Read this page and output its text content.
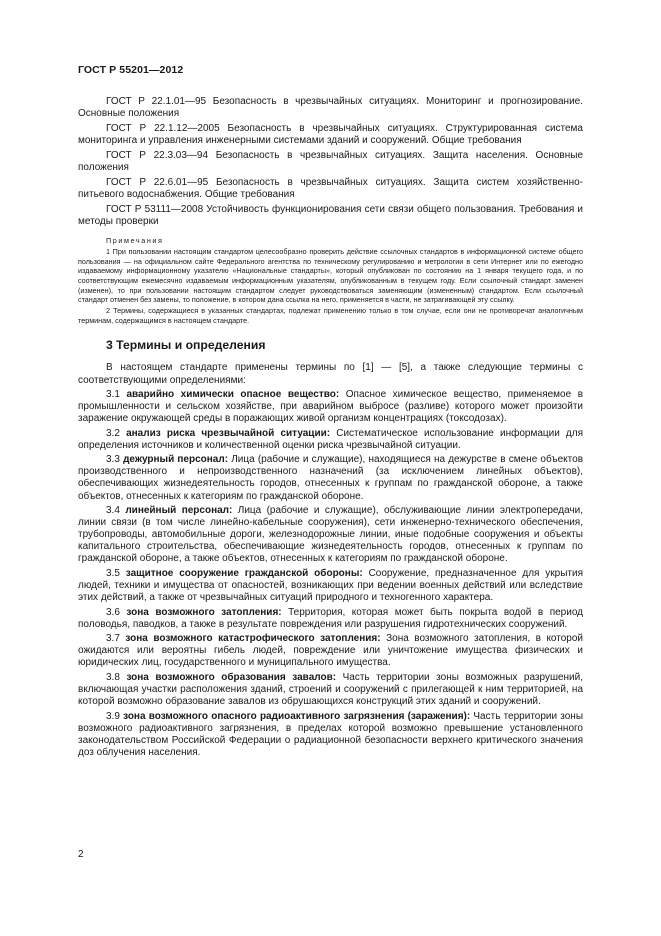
ГОСТ Р 55201—2012

ГОСТ Р 22.1.01—95 Безопасность в чрезвычайных ситуациях. Мониторинг и прогнозирование. Основные положения

ГОСТ Р 22.1.12—2005 Безопасность в чрезвычайных ситуациях. Структурированная система мониторинга и управления инженерными системами зданий и сооружений. Общие требования

ГОСТ Р 22.3.03—94 Безопасность в чрезвычайных ситуациях. Защита населения. Основные положения

ГОСТ Р 22.6.01—95 Безопасность в чрезвычайных ситуациях. Защита систем хозяйственно-питьевого водоснабжения. Общие требования

ГОСТ Р 53111—2008 Устойчивость функционирования сети связи общего пользования. Требования и методы проверки

Примечания

1 При пользовании настоящим стандартом целесообразно проверить действие ссылочных стандартов в информационной системе общего пользования — на официальном сайте Федерального агентства по техническому регулированию и метрологии в сети Интернет или по ежегодно издаваемому информационному указателю «Национальные стандарты», который опубликован по состоянию на 1 января текущего года, и по соответствующим ежемесячно издаваемым информационным указателям, опубликованным в текущем году. Если ссылочный стандарт заменен (изменен), то при пользовании настоящим стандартом следует руководствоваться заменяющим (измененным) стандартом. Если ссылочный стандарт отменен без замены, то положение, в котором дана ссылка на него, применяется в части, не затрагивающей эту ссылку.

2 Термины, содержащиеся в указанных стандартах, подлежат применению только в том случае, если они не противоречат аналогичным терминам, содержащимся в настоящем стандарте.

3 Термины и определения

В настоящем стандарте применены термины по [1] — [5], а также следующие термины с соответствующими определениями:

3.1 аварийно химически опасное вещество: Опасное химическое вещество, применяемое в промышленности и сельском хозяйстве, при аварийном выбросе (разливе) которого может произойти заражение окружающей среды в поражающих живой организм концентрациях (токсодозах).

3.2 анализ риска чрезвычайной ситуации: Систематическое использование информации для определения источников и количественной оценки риска чрезвычайной ситуации.

3.3 дежурный персонал: Лица (рабочие и служащие), находящиеся на дежурстве в смене объектов производственного и непроизводственного назначений (за исключением линейных объектов), обеспечивающих жизнедеятельность городов, отнесенных к группам по гражданской обороне, а также объектов, отнесенных к категориям по гражданской обороне.

3.4 линейный персонал: Лица (рабочие и служащие), обслуживающие линии электропередачи, линии связи (в том числе линейно-кабельные сооружения), сети инженерно-технического обеспечения, трубопроводы, автомобильные дороги, железнодорожные линии, иные подобные сооружения и объекты капитального строительства, обеспечивающие жизнедеятельность городов, отнесенных к группам по гражданской обороне, а также объектов, отнесенных к категориям по гражданской обороне.

3.5 защитное сооружение гражданской обороны: Сооружение, предназначенное для укрытия людей, техники и имущества от опасностей, возникающих при ведении военных действий или вследствие этих действий, а также от чрезвычайных ситуаций природного и техногенного характера.

3.6 зона возможного затопления: Территория, которая может быть покрыта водой в период половодья, паводков, а также в результате повреждения или разрушения гидротехнических сооружений.

3.7 зона возможного катастрофического затопления: Зона возможного затопления, в которой ожидаются или вероятны гибель людей, повреждение или уничтожение имущества физических и юридических лиц, государственного и муниципального имущества.

3.8 зона возможного образования завалов: Часть территории зоны возможных разрушений, включающая участки расположения зданий, строений и сооружений с прилегающей к ним территорией, на которой возможно образование завалов из обрушающихся конструкций этих зданий и сооружений.

3.9 зона возможного опасного радиоактивного загрязнения (заражения): Часть территории зоны возможного радиоактивного загрязнения, в пределах которой возможно превышение установленного законодательством Российской Федерации о радиационной безопасности верхнего критического значения доз облучения населения.

2
